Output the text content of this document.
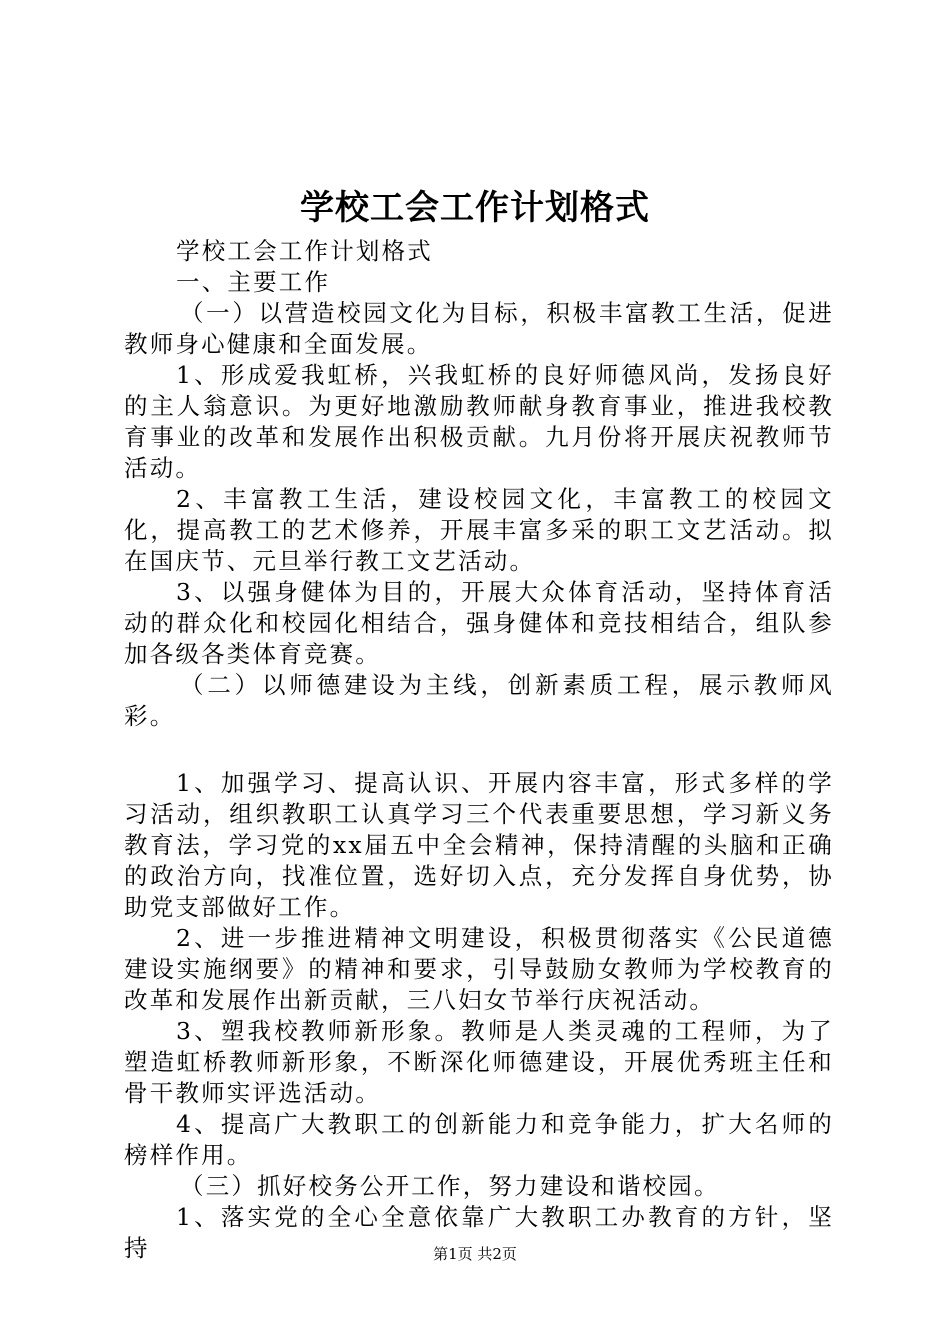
学校工会工作计划格式

学校工会工作计划格式

一、主要工作

（一）以营造校园文化为目标，积极丰富教工生活，促进教师身心健康和全面发展。

1、形成爱我虹桥，兴我虹桥的良好师德风尚，发扬良好的主人翁意识。为更好地激励教师献身教育事业，推进我校教育事业的改革和发展作出积极贡献。九月份将开展庆祝教师节活动。

2、丰富教工生活，建设校园文化，丰富教工的校园文化，提高教工的艺术修养，开展丰富多采的职工文艺活动。拟在国庆节、元旦举行教工文艺活动。

3、以强身健体为目的，开展大众体育活动，坚持体育活动的群众化和校园化相结合，强身健体和竞技相结合，组队参加各级各类体育竞赛。

（二）以师德建设为主线，创新素质工程，展示教师风彩。

1、加强学习、提高认识、开展内容丰富，形式多样的学习活动，组织教职工认真学习三个代表重要思想，学习新义务教育法，学习党的xx届五中全会精神，保持清醒的头脑和正确的政治方向，找准位置，选好切入点，充分发挥自身优势，协助党支部做好工作。

2、进一步推进精神文明建设，积极贯彻落实《公民道德建设实施纲要》的精神和要求，引导鼓励女教师为学校教育的改革和发展作出新贡献，三八妇女节举行庆祝活动。

3、塑我校教师新形象。教师是人类灵魂的工程师，为了塑造虹桥教师新形象，不断深化师德建设，开展优秀班主任和骨干教师实评选活动。

4、提高广大教职工的创新能力和竞争能力，扩大名师的榜样作用。

（三）抓好校务公开工作，努力建设和谐校园。

1、落实党的全心全意依靠广大教职工办教育的方针，坚持	第1页 共2页
